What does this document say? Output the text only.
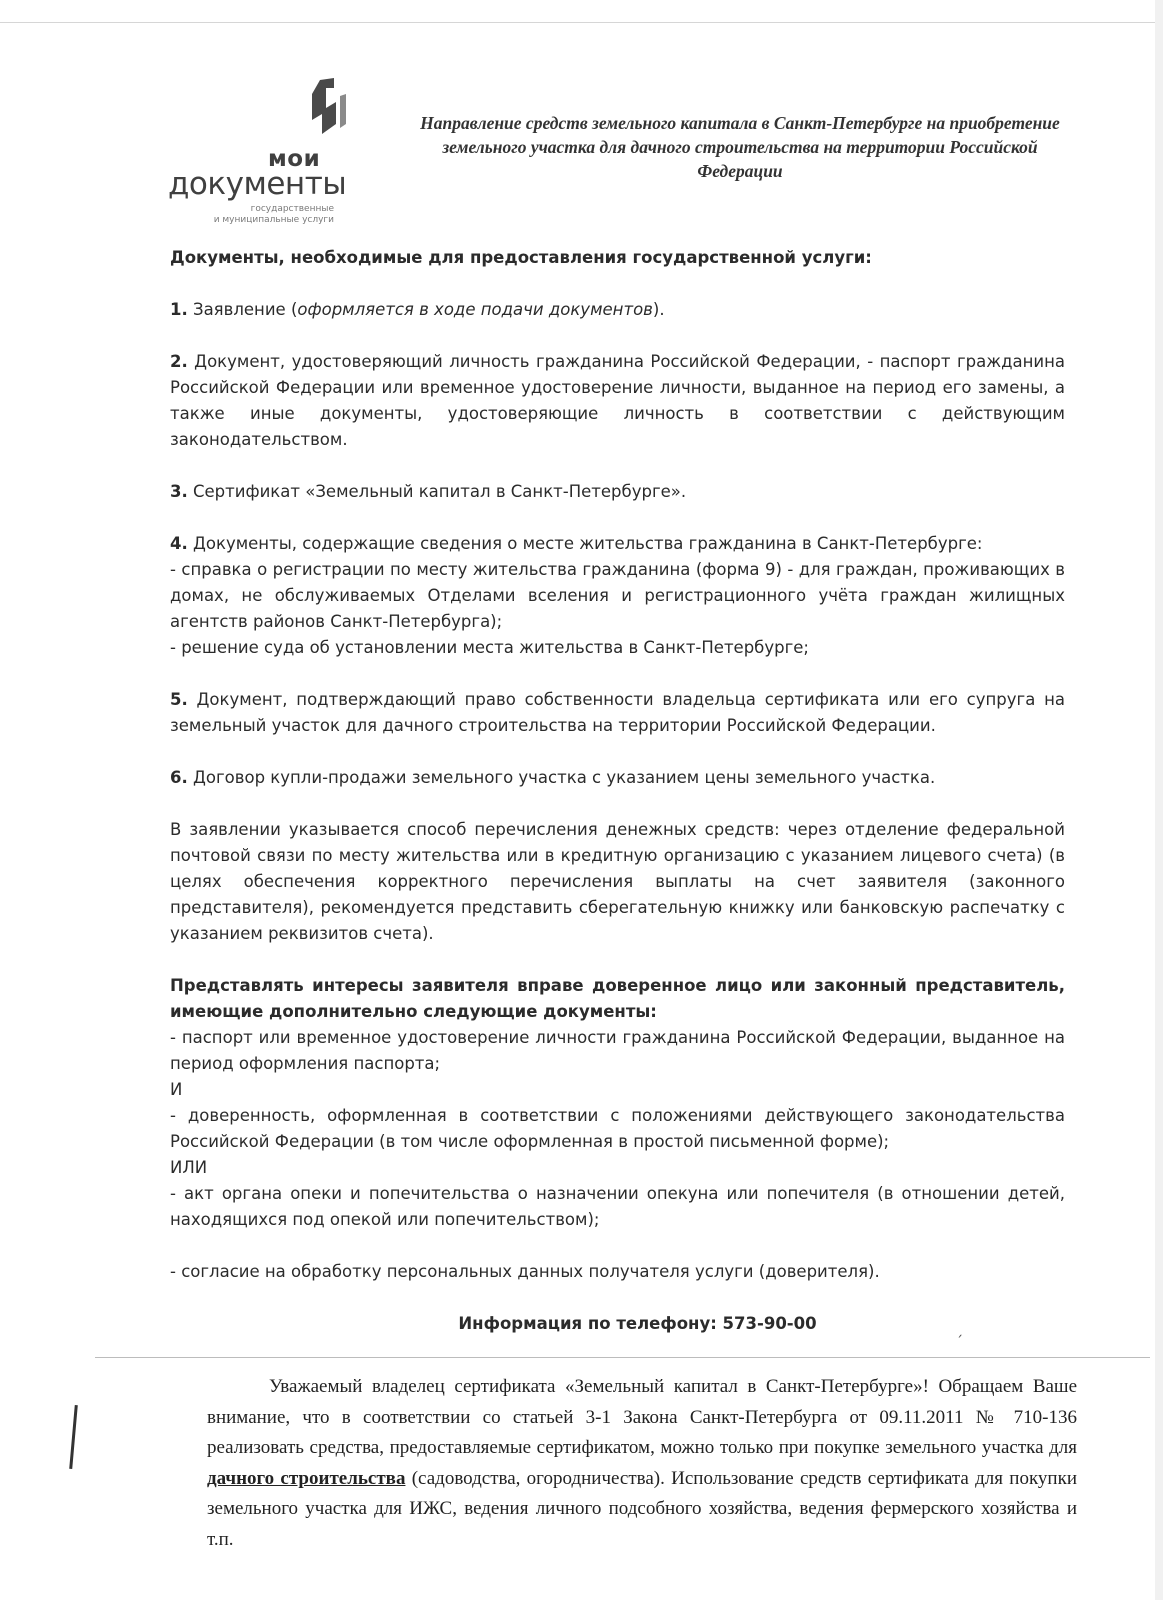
мои
документы
государственные
и муниципальные услуги
Направление средств земельного капитала в Санкт-Петербурге на приобретение земельного участка для дачного строительства на территории Российской Федерации

Документы, необходимые для предоставления государственной услуги:

1. Заявление (оформляется в ходе подачи документов).

2. Документ, удостоверяющий личность гражданина Российской Федерации, - паспорт гражданина Российской Федерации или временное удостоверение личности, выданное на период его замены, а также иные документы, удостоверяющие личность в соответствии с действующим законодательством.

3. Сертификат «Земельный капитал в Санкт-Петербурге».

4. Документы, содержащие сведения о месте жительства гражданина в Санкт-Петербурге:

- справка о регистрации по месту жительства гражданина (форма 9) - для граждан, проживающих в домах, не обслуживаемых Отделами вселения и регистрационного учёта граждан жилищных агентств районов Санкт-Петербурга);

- решение суда об установлении места жительства в Санкт-Петербурге;

5. Документ, подтверждающий право собственности владельца сертификата или его супруга на земельный участок для дачного строительства на территории Российской Федерации.

6. Договор купли-продажи земельного участка с указанием цены земельного участка.

В заявлении указывается способ перечисления денежных средств: через отделение федеральной почтовой связи по месту жительства или в кредитную организацию с указанием лицевого счета) (в целях обеспечения корректного перечисления выплаты на счет заявителя (законного представителя), рекомендуется представить сберегательную книжку или банковскую распечатку с указанием реквизитов счета).

Представлять интересы заявителя вправе доверенное лицо или законный представитель, имеющие дополнительно следующие документы:

- паспорт или временное удостоверение личности гражданина Российской Федерации, выданное на период оформления паспорта;

И

- доверенность, оформленная в соответствии с положениями действующего законодательства Российской Федерации (в том числе оформленная в простой письменной форме);

ИЛИ

- акт органа опеки и попечительства о назначении опекуна или попечителя (в отношении детей, находящихся под опекой или попечительством);

- согласие на обработку персональных данных получателя услуги (доверителя).

Информация по телефону: 573-90-00	ˏ
Уважаемый владелец сертификата «Земельный капитал в Санкт-Петербурге»! Обращаем Ваше внимание, что в соответствии со статьей 3-1 Закона Санкт-Петербурга от 09.11.2011 № 710-136 реализовать средства, предоставляемые сертификатом, можно только при покупке земельного участка для дачного строительства (садоводства, огородничества). Использование средств сертификата для покупки земельного участка для ИЖС, ведения личного подсобного хозяйства, ведения фермерского хозяйства и т.п.
